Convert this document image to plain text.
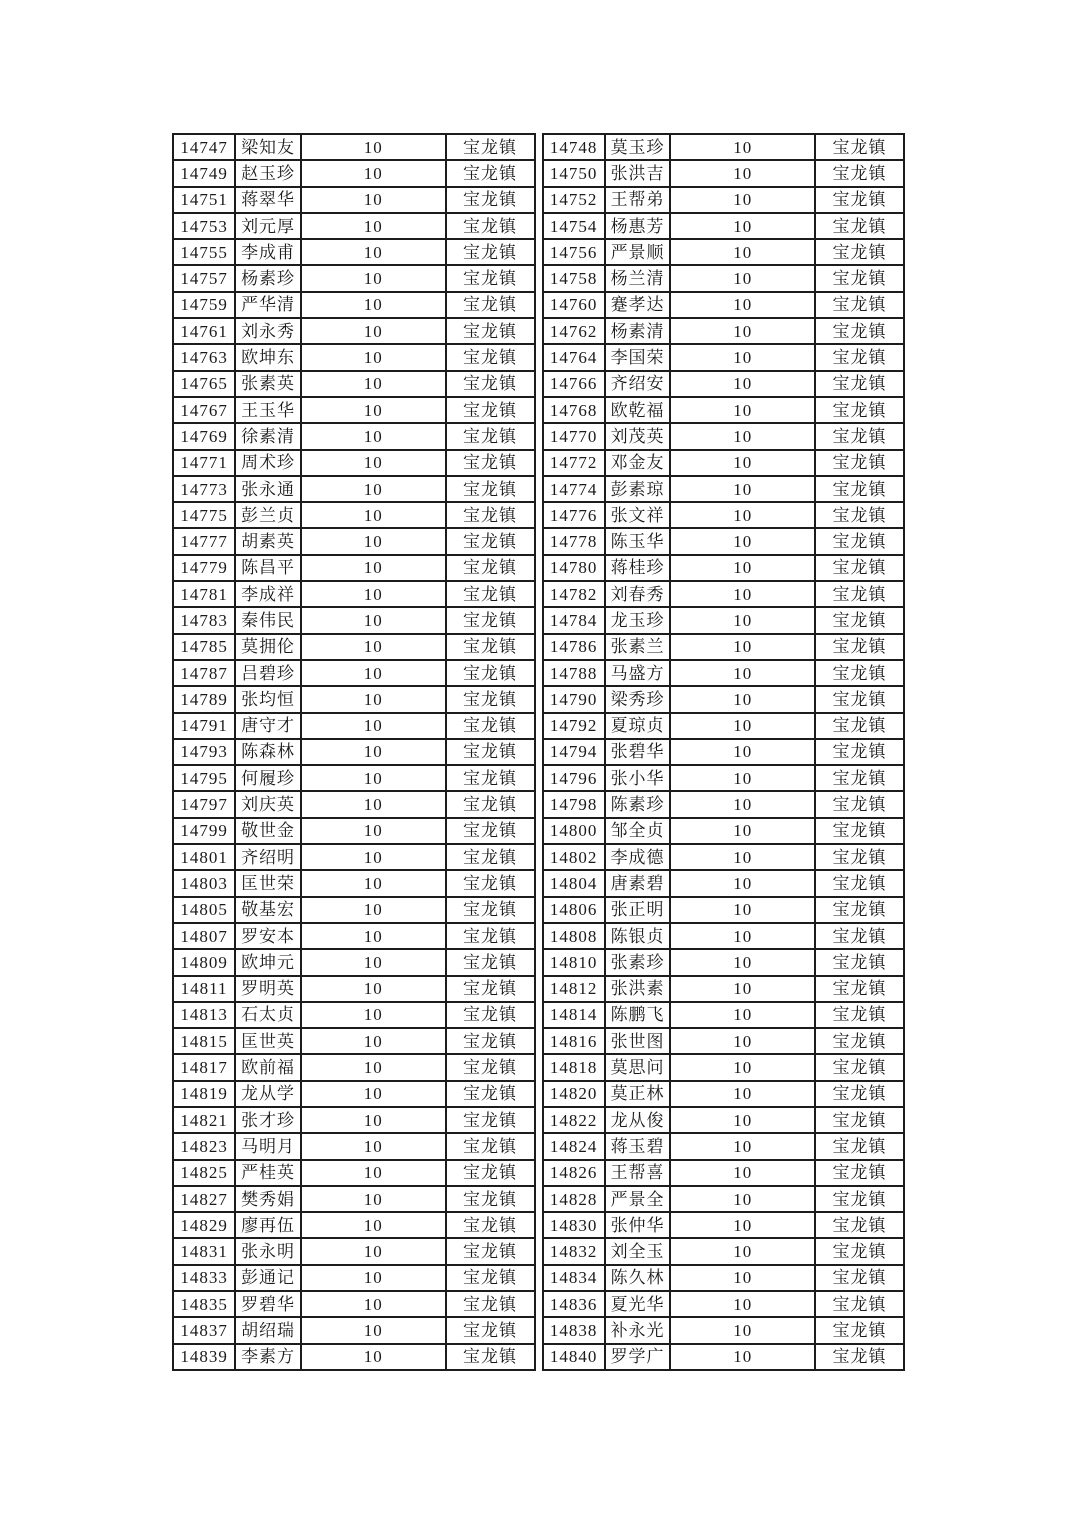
14747	梁知友	10	宝龙镇
14749	赵玉珍	10	宝龙镇
14751	蒋翠华	10	宝龙镇
14753	刘元厚	10	宝龙镇
14755	李成甫	10	宝龙镇
14757	杨素珍	10	宝龙镇
14759	严华清	10	宝龙镇
14761	刘永秀	10	宝龙镇
14763	欧坤东	10	宝龙镇
14765	张素英	10	宝龙镇
14767	王玉华	10	宝龙镇
14769	徐素清	10	宝龙镇
14771	周术珍	10	宝龙镇
14773	张永通	10	宝龙镇
14775	彭兰贞	10	宝龙镇
14777	胡素英	10	宝龙镇
14779	陈昌平	10	宝龙镇
14781	李成祥	10	宝龙镇
14783	秦伟民	10	宝龙镇
14785	莫拥伦	10	宝龙镇
14787	吕碧珍	10	宝龙镇
14789	张均恒	10	宝龙镇
14791	唐守才	10	宝龙镇
14793	陈森林	10	宝龙镇
14795	何履珍	10	宝龙镇
14797	刘庆英	10	宝龙镇
14799	敬世金	10	宝龙镇
14801	齐绍明	10	宝龙镇
14803	匡世荣	10	宝龙镇
14805	敬基宏	10	宝龙镇
14807	罗安本	10	宝龙镇
14809	欧坤元	10	宝龙镇
14811	罗明英	10	宝龙镇
14813	石太贞	10	宝龙镇
14815	匡世英	10	宝龙镇
14817	欧前福	10	宝龙镇
14819	龙从学	10	宝龙镇
14821	张才珍	10	宝龙镇
14823	马明月	10	宝龙镇
14825	严桂英	10	宝龙镇
14827	樊秀娟	10	宝龙镇
14829	廖再伍	10	宝龙镇
14831	张永明	10	宝龙镇
14833	彭通记	10	宝龙镇
14835	罗碧华	10	宝龙镇
14837	胡绍瑞	10	宝龙镇
14839	李素方	10	宝龙镇
14748	莫玉珍	10	宝龙镇
14750	张洪吉	10	宝龙镇
14752	王帮弟	10	宝龙镇
14754	杨惠芳	10	宝龙镇
14756	严景顺	10	宝龙镇
14758	杨兰清	10	宝龙镇
14760	蹇孝达	10	宝龙镇
14762	杨素清	10	宝龙镇
14764	李国荣	10	宝龙镇
14766	齐绍安	10	宝龙镇
14768	欧乾福	10	宝龙镇
14770	刘茂英	10	宝龙镇
14772	邓金友	10	宝龙镇
14774	彭素琼	10	宝龙镇
14776	张文祥	10	宝龙镇
14778	陈玉华	10	宝龙镇
14780	蒋桂珍	10	宝龙镇
14782	刘春秀	10	宝龙镇
14784	龙玉珍	10	宝龙镇
14786	张素兰	10	宝龙镇
14788	马盛方	10	宝龙镇
14790	梁秀珍	10	宝龙镇
14792	夏琼贞	10	宝龙镇
14794	张碧华	10	宝龙镇
14796	张小华	10	宝龙镇
14798	陈素珍	10	宝龙镇
14800	邹全贞	10	宝龙镇
14802	李成德	10	宝龙镇
14804	唐素碧	10	宝龙镇
14806	张正明	10	宝龙镇
14808	陈银贞	10	宝龙镇
14810	张素珍	10	宝龙镇
14812	张洪素	10	宝龙镇
14814	陈鹏飞	10	宝龙镇
14816	张世图	10	宝龙镇
14818	莫思问	10	宝龙镇
14820	莫正林	10	宝龙镇
14822	龙从俊	10	宝龙镇
14824	蒋玉碧	10	宝龙镇
14826	王帮喜	10	宝龙镇
14828	严景全	10	宝龙镇
14830	张仲华	10	宝龙镇
14832	刘全玉	10	宝龙镇
14834	陈久林	10	宝龙镇
14836	夏光华	10	宝龙镇
14838	补永光	10	宝龙镇
14840	罗学广	10	宝龙镇
